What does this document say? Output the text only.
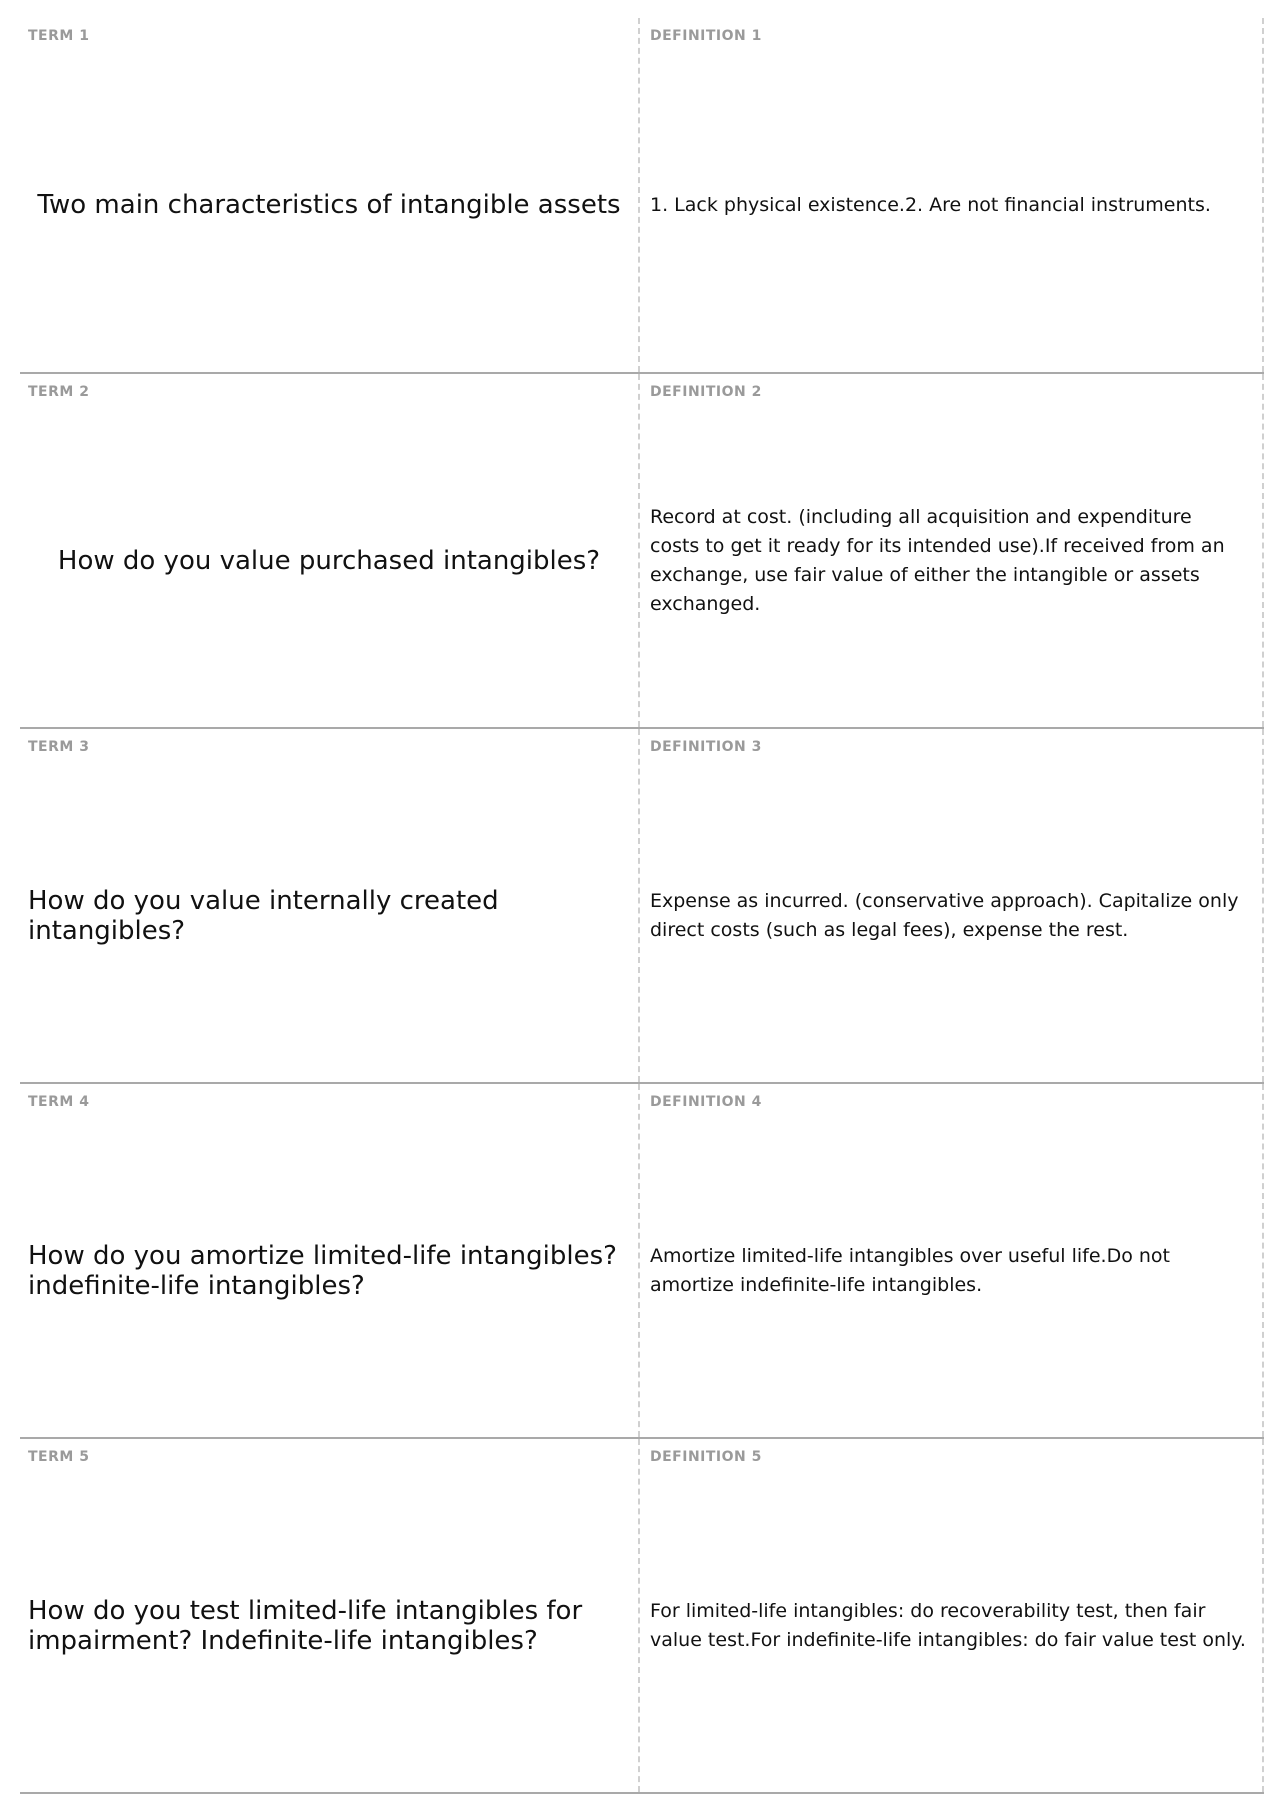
TERM 1
Two main characteristics of intangible assets
DEFINITION 1
1. Lack physical existence.2. Are not financial instruments.
TERM 2
How do you value purchased intangibles?
DEFINITION 2
Record at cost. (including all acquisition and expenditure costs to get it ready for its intended use).If received from an exchange, use fair value of either the intangible or assets exchanged.
TERM 3
How do you value internally created intangibles?
DEFINITION 3
Expense as incurred. (conservative approach). Capitalize only direct costs (such as legal fees), expense the rest.
TERM 4
How do you amortize limited-life intangibles? indefinite-life intangibles?
DEFINITION 4
Amortize limited-life intangibles over useful life.Do not amortize indefinite-life intangibles.
TERM 5
How do you test limited-life intangibles for impairment? Indefinite-life intangibles?
DEFINITION 5
For limited-life intangibles: do recoverability test, then fair value test.For indefinite-life intangibles: do fair value test only.
